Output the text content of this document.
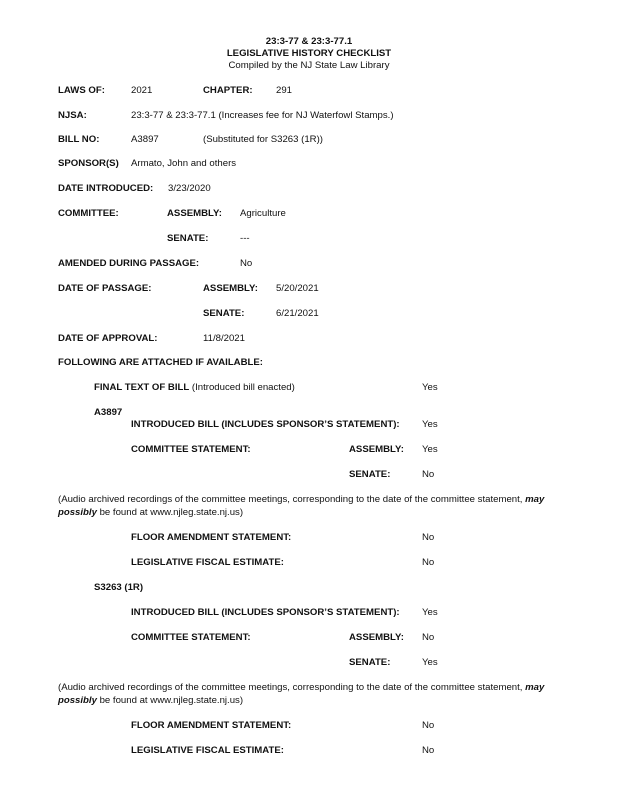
23:3-77 & 23:3-77.1
LEGISLATIVE HISTORY CHECKLIST
Compiled by the NJ State Law Library
LAWS OF:	2021	CHAPTER: 291
NJSA:	23:3-77 & 23:3-77.1 (Increases fee for NJ Waterfowl Stamps.)
BILL NO:	A3897	(Substituted for S3263 (1R))
SPONSOR(S) Armato, John and others
DATE INTRODUCED: 3/23/2020
COMMITTEE:	ASSEMBLY: Agriculture
SENATE:	---
AMENDED DURING PASSAGE:	No
DATE OF PASSAGE:	ASSEMBLY: 5/20/2021
SENATE:	6/21/2021
DATE OF APPROVAL:	11/8/2021
FOLLOWING ARE ATTACHED IF AVAILABLE:
FINAL TEXT OF BILL (Introduced bill enacted)	Yes
A3897
INTRODUCED BILL (INCLUDES SPONSOR’S STATEMENT): Yes
COMMITTEE STATEMENT:	ASSEMBLY: Yes
SENATE:	No
(Audio archived recordings of the committee meetings, corresponding to the date of the committee statement, may possibly be found at www.njleg.state.nj.us)
FLOOR AMENDMENT STATEMENT:	No
LEGISLATIVE FISCAL ESTIMATE:	No
S3263 (1R)
INTRODUCED BILL (INCLUDES SPONSOR’S STATEMENT): Yes
COMMITTEE STATEMENT:	ASSEMBLY: No
SENATE:	Yes
(Audio archived recordings of the committee meetings, corresponding to the date of the committee statement, may possibly be found at www.njleg.state.nj.us)
FLOOR AMENDMENT STATEMENT:	No
LEGISLATIVE FISCAL ESTIMATE:	No
